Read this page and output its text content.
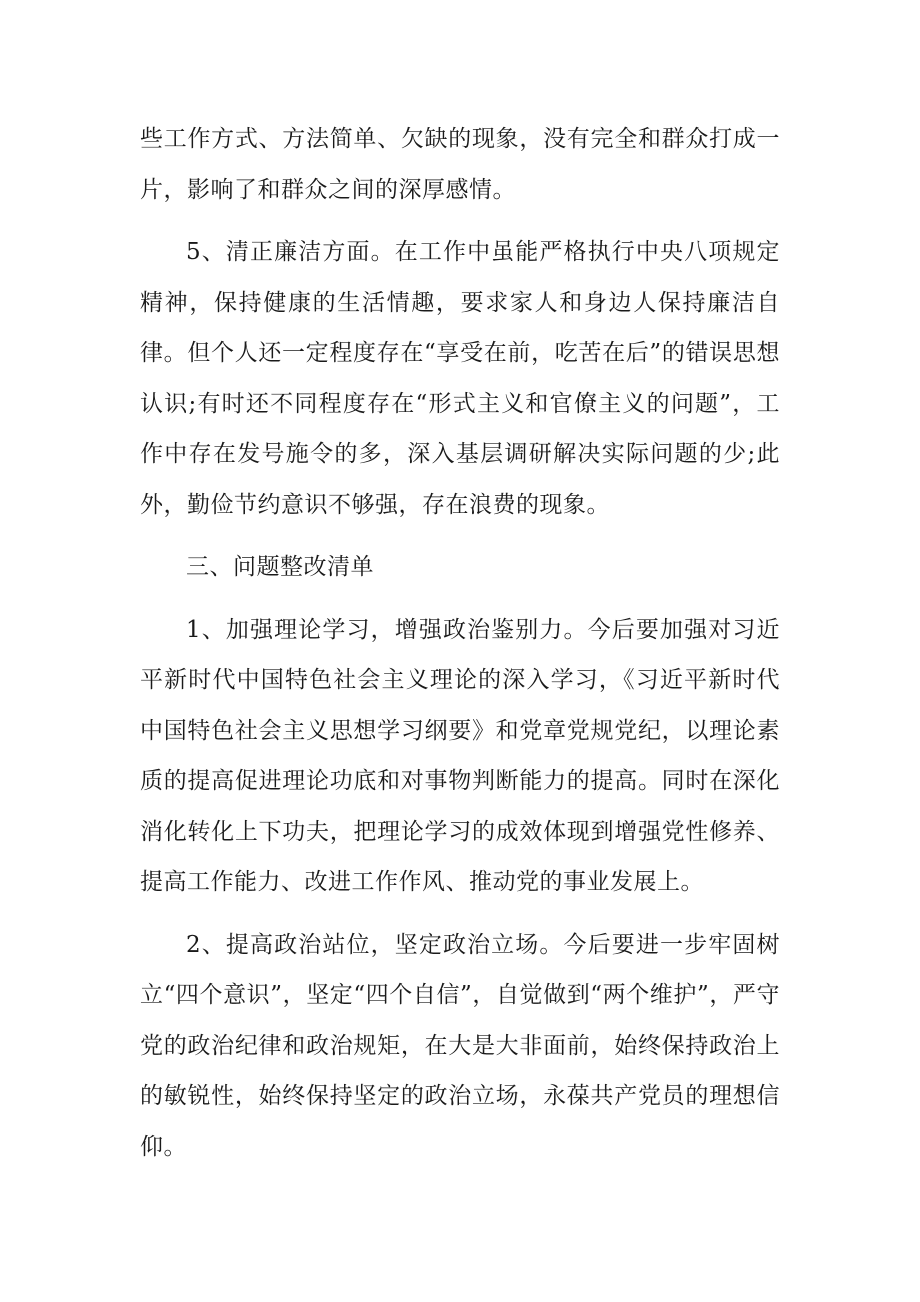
些工作方式、方法简单、欠缺的现象，没有完全和群众打成一片，影响了和群众之间的深厚感情。

5、清正廉洁方面。在工作中虽能严格执行中央八项规定精神，保持健康的生活情趣，要求家人和身边人保持廉洁自律。但个人还一定程度存在“享受在前，吃苦在后”的错误思想认识;有时还不同程度存在“形式主义和官僚主义的问题”，工作中存在发号施令的多，深入基层调研解决实际问题的少;此外，勤俭节约意识不够强，存在浪费的现象。

三、问题整改清单

1、加强理论学习，增强政治鉴别力。今后要加强对习近平新时代中国特色社会主义理论的深入学习，《习近平新时代中国特色社会主义思想学习纲要》和党章党规党纪，以理论素质的提高促进理论功底和对事物判断能力的提高。同时在深化消化转化上下功夫，把理论学习的成效体现到增强党性修养、提高工作能力、改进工作作风、推动党的事业发展上。

2、提高政治站位，坚定政治立场。今后要进一步牢固树立“四个意识”，坚定“四个自信”，自觉做到“两个维护”，严守党的政治纪律和政治规矩，在大是大非面前，始终保持政治上的敏锐性，始终保持坚定的政治立场，永葆共产党员的理想信仰。
